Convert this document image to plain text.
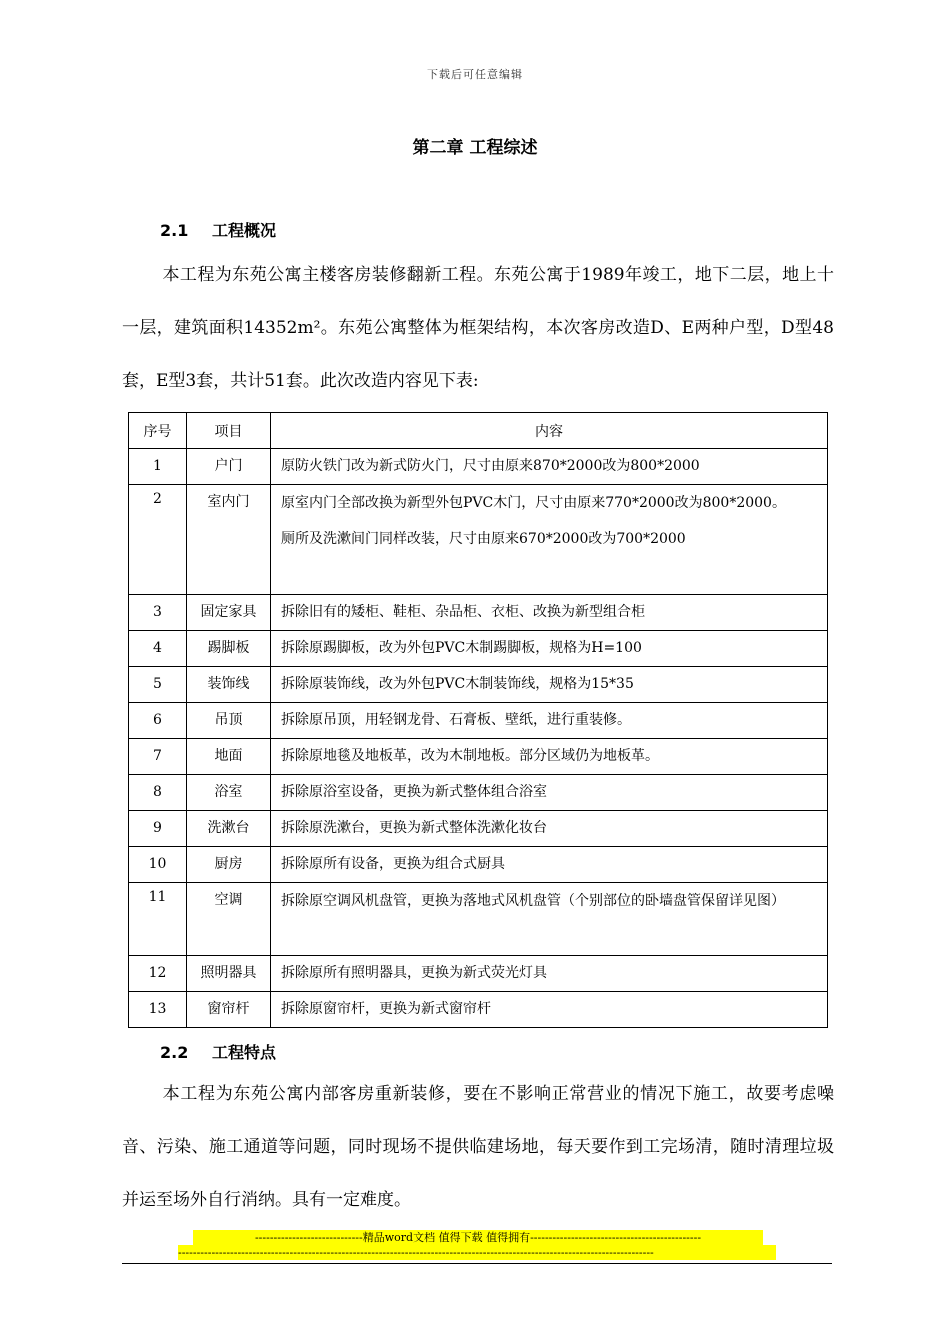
下载后可任意编辑
第二章 工程综述
2.1 工程概况
本工程为东苑公寓主楼客房装修翻新工程。东苑公寓于1989年竣工，地下二层，地上十一层，建筑面积14352m²。东苑公寓整体为框架结构，本次客房改造D、E两种户型，D型48套，E型3套，共计51套。此次改造内容见下表:
序号	项目	内容
1	户门	原防火铁门改为新式防火门，尺寸由原来870*2000改为800*2000
2	室内门	原室内门全部改换为新型外包PVC木门，尺寸由原来770*2000改为800*2000。
厕所及洗漱间门同样改装，尺寸由原来670*2000改为700*2000

3	固定家具	拆除旧有的矮柜、鞋柜、杂品柜、衣柜、改换为新型组合柜
4	踢脚板	拆除原踢脚板，改为外包PVC木制踢脚板，规格为H=100
5	装饰线	拆除原装饰线，改为外包PVC木制装饰线，规格为15*35
6	吊顶	拆除原吊顶，用轻钢龙骨、石膏板、壁纸，进行重装修。
7	地面	拆除原地毯及地板革，改为木制地板。部分区域仍为地板革。
8	浴室	拆除原浴室设备，更换为新式整体组合浴室
9	洗漱台	拆除原洗漱台，更换为新式整体洗漱化妆台
10	厨房	拆除原所有设备，更换为组合式厨具
11	空调	拆除原空调风机盘管，更换为落地式风机盘管（个别部位的卧墙盘管保留详见图）
12	照明器具	拆除原所有照明器具，更换为新式荧光灯具
13	窗帘杆	拆除原窗帘杆，更换为新式窗帘杆
2.2 工程特点
本工程为东苑公寓内部客房重新装修，要在不影响正常营业的情况下施工，故要考虑噪音、污染、施工通道等问题，同时现场不提供临建场地，每天要作到工完场清，随时清理垃圾并运至场外自行消纳。具有一定难度。
-----------------------------精品word文档 值得下载 值得拥有----------------------------------------------
--------------------------------------------------------------------------------------------------------------------------------
